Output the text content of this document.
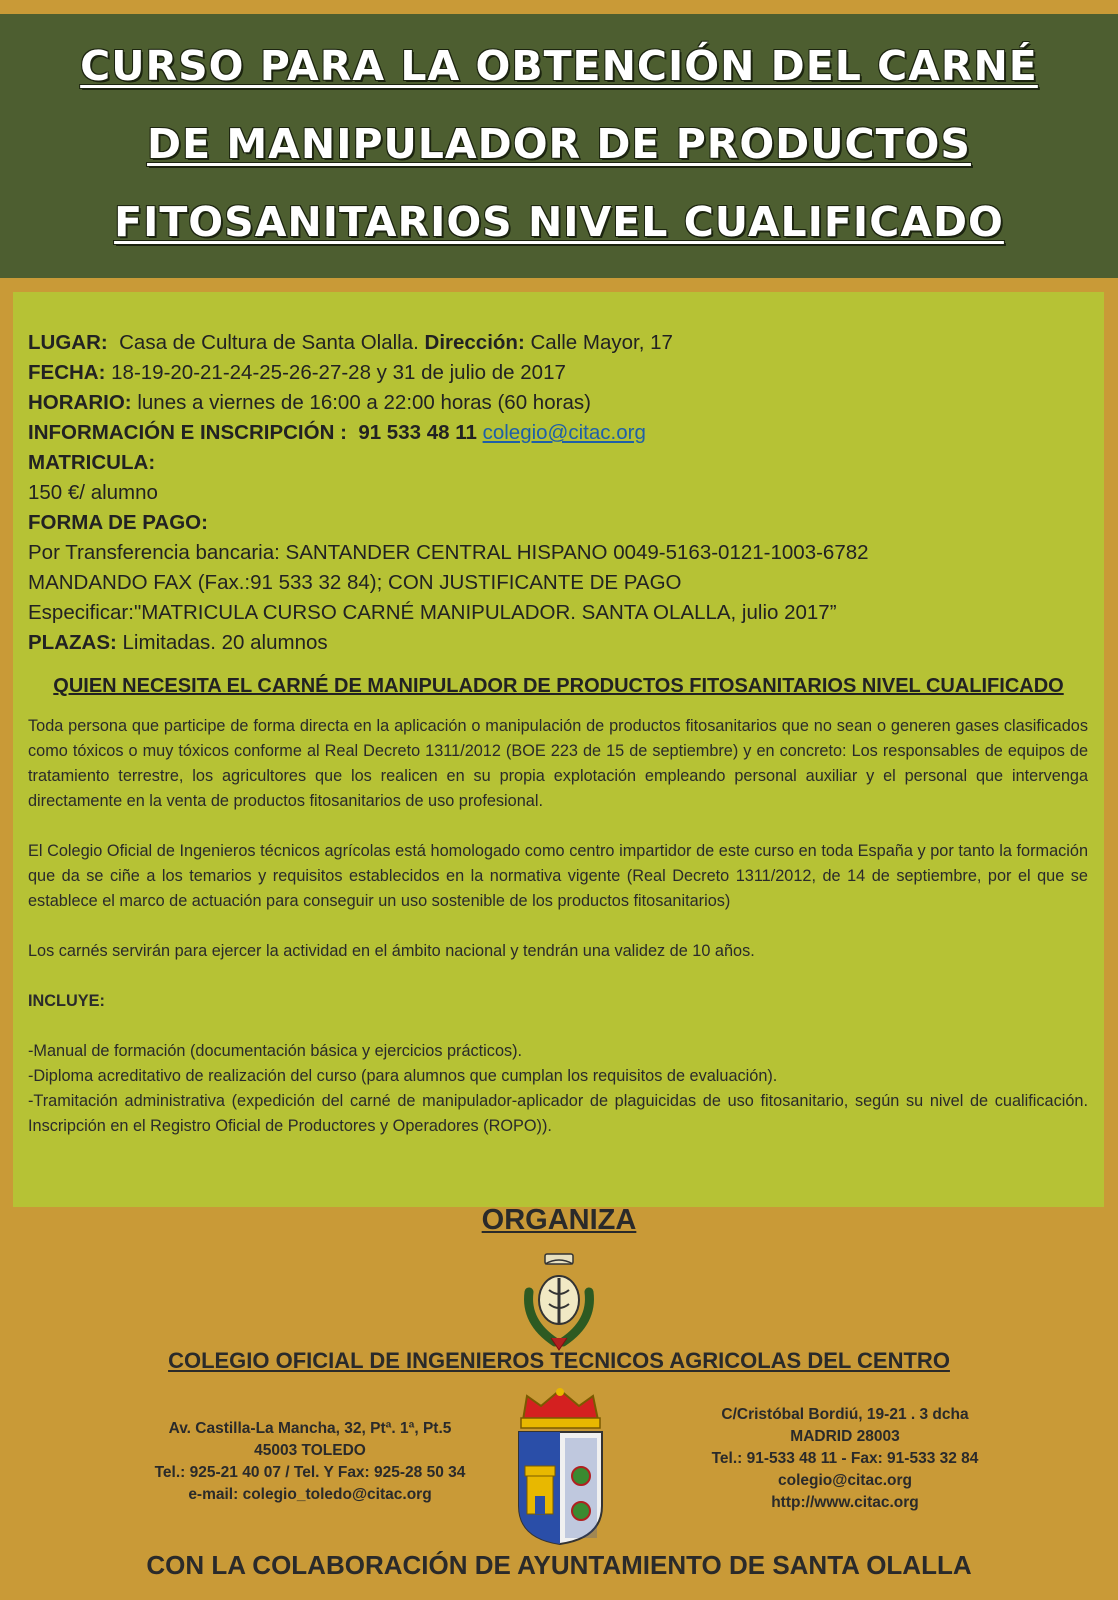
CURSO PARA LA OBTENCIÓN DEL CARNÉ
DE MANIPULADOR DE PRODUCTOS
FITOSANITARIOS NIVEL CUALIFICADO
LUGAR: Casa de Cultura de Santa Olalla. Dirección: Calle Mayor, 17
FECHA: 18-19-20-21-24-25-26-27-28 y 31 de julio de 2017
HORARIO: lunes a viernes de 16:00 a 22:00 horas (60 horas)
INFORMACIÓN E INSCRIPCIÓN : 91 533 48 11 colegio@citac.org
MATRICULA:
150 €/ alumno
FORMA DE PAGO:
Por Transferencia bancaria: SANTANDER CENTRAL HISPANO 0049-5163-0121-1003-6782
MANDANDO FAX (Fax.:91 533 32 84); CON JUSTIFICANTE DE PAGO
Especificar:"MATRICULA CURSO CARNÉ MANIPULADOR. SANTA OLALLA, julio 2017”
PLAZAS: Limitadas. 20 alumnos
QUIEN NECESITA EL CARNÉ DE MANIPULADOR DE PRODUCTOS FITOSANITARIOS NIVEL CUALIFICADO

Toda persona que participe de forma directa en la aplicación o manipulación de productos fitosanitarios que no sean o generen gases clasificados como tóxicos o muy tóxicos conforme al Real Decreto 1311/2012 (BOE 223 de 15 de septiembre) y en concreto: Los responsables de equipos de tratamiento terrestre, los agricultores que los realicen en su propia explotación empleando personal auxiliar y el personal que intervenga directamente en la venta de productos fitosanitarios de uso profesional.

El Colegio Oficial de Ingenieros técnicos agrícolas está homologado como centro impartidor de este curso en toda España y por tanto la formación que da se ciñe a los temarios y requisitos establecidos en la normativa vigente (Real Decreto 1311/2012, de 14 de septiembre, por el que se establece el marco de actuación para conseguir un uso sostenible de los productos fitosanitarios)

Los carnés servirán para ejercer la actividad en el ámbito nacional y tendrán una validez de 10 años.

INCLUYE:

-Manual de formación (documentación básica y ejercicios prácticos).

-Diploma acreditativo de realización del curso (para alumnos que cumplan los requisitos de evaluación).

-Tramitación administrativa (expedición del carné de manipulador-aplicador de plaguicidas de uso fitosanitario, según su nivel de cualificación. Inscripción en el Registro Oficial de Productores y Operadores (ROPO)).

ORGANIZA
COLEGIO OFICIAL DE INGENIEROS TECNICOS AGRICOLAS DEL CENTRO
Av. Castilla-La Mancha, 32, Ptª. 1ª, Pt.5
45003 TOLEDO
Tel.: 925-21 40 07 / Tel. Y Fax: 925-28 50 34
e-mail: colegio_toledo@citac.org
C/Cristóbal Bordiú, 19-21 . 3 dcha
MADRID 28003
Tel.: 91-533 48 11 - Fax: 91-533 32 84
colegio@citac.org
http://www.citac.org
CON LA COLABORACIÓN DE AYUNTAMIENTO DE SANTA OLALLA
